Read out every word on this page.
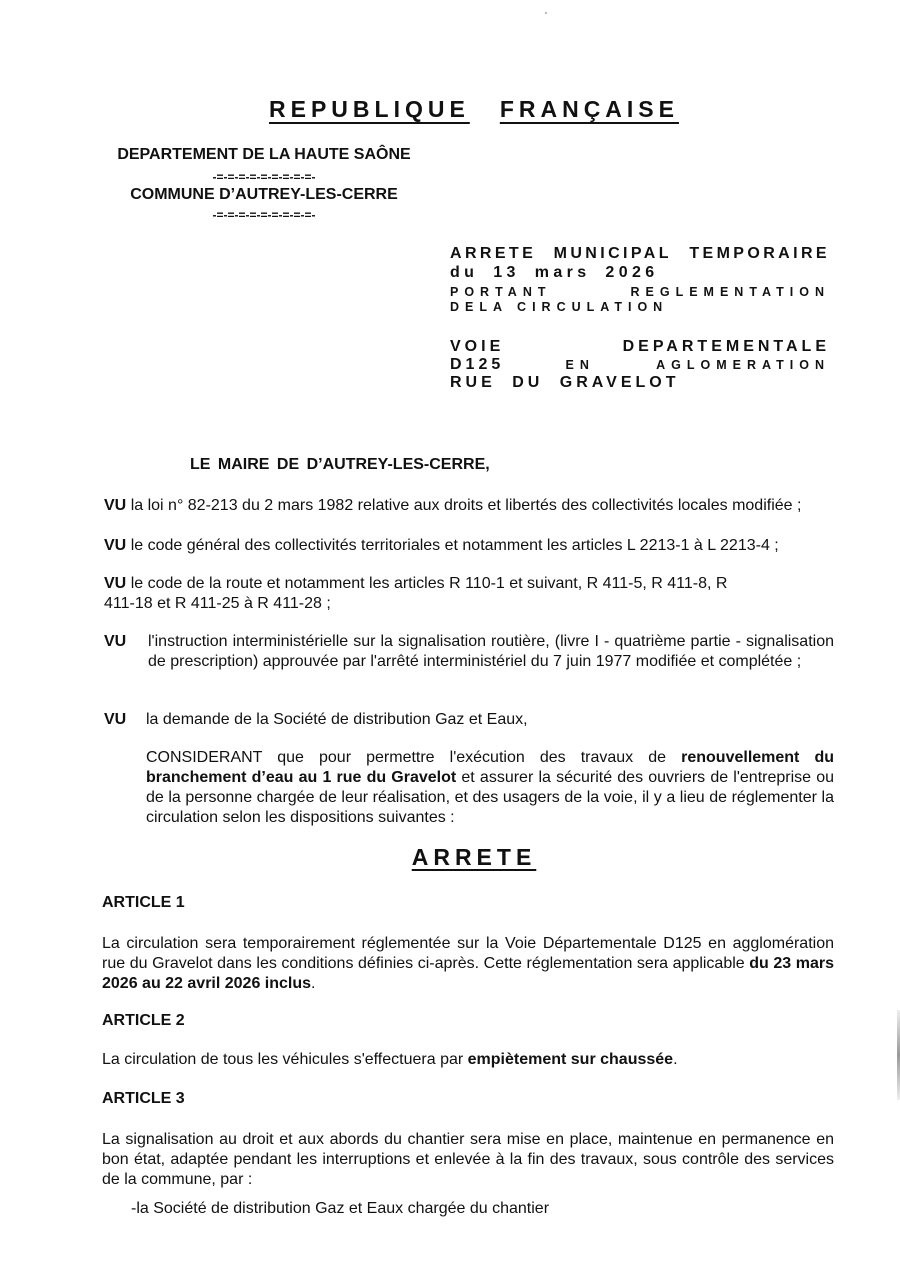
REPUBLIQUE FRANÇAISE
DEPARTEMENT DE LA HAUTE SAÔNE
-=-=-=-=-=-=-=-=-=-
COMMUNE D’AUTREY-LES-CERRE
-=-=-=-=-=-=-=-=-=-
ARRETE MUNICIPAL TEMPORAIRE
du 13 mars 2026
PORTANT	REGLEMENTATION
DELA CIRCULATION
VOIE	DEPARTEMENTALE
D125	EN	AGLOMERATION
RUE DU GRAVELOT
LE MAIRE DE D’AUTREY-LES-CERRE,

VU la loi n° 82-213 du 2 mars 1982 relative aux droits et libertés des collectivités locales modifiée ;

VU le code général des collectivités territoriales et notamment les articles L 2213-1 à L 2213-4 ;

VU le code de la route et notamment les articles R 110-1 et suivant, R 411-5, R 411-8, R 411-18 et R 411-25 à R 411-28 ;

VU l'instruction interministérielle sur la signalisation routière, (livre I - quatrième partie - signalisation de prescription) approuvée par l'arrêté interministériel du 7 juin 1977 modifiée et complétée ;

VU la demande de la Société de distribution Gaz et Eaux,

CONSIDERANT que pour permettre l'exécution des travaux de renouvellement du branchement d’eau au 1 rue du Gravelot et assurer la sécurité des ouvriers de l'entreprise ou de la personne chargée de leur réalisation, et des usagers de la voie, il y a lieu de réglementer la circulation selon les dispositions suivantes :

ARRETE
ARTICLE 1

La circulation sera temporairement réglementée sur la Voie Départementale D125 en agglomération rue du Gravelot dans les conditions définies ci-après. Cette réglementation sera applicable du 23 mars 2026 au 22 avril 2026 inclus.

ARTICLE 2

La circulation de tous les véhicules s'effectuera par empiètement sur chaussée.

ARTICLE 3

La signalisation au droit et aux abords du chantier sera mise en place, maintenue en permanence en bon état, adaptée pendant les interruptions et enlevée à la fin des travaux, sous contrôle des services de la commune, par :

-la Société de distribution Gaz et Eaux chargée du chantier
